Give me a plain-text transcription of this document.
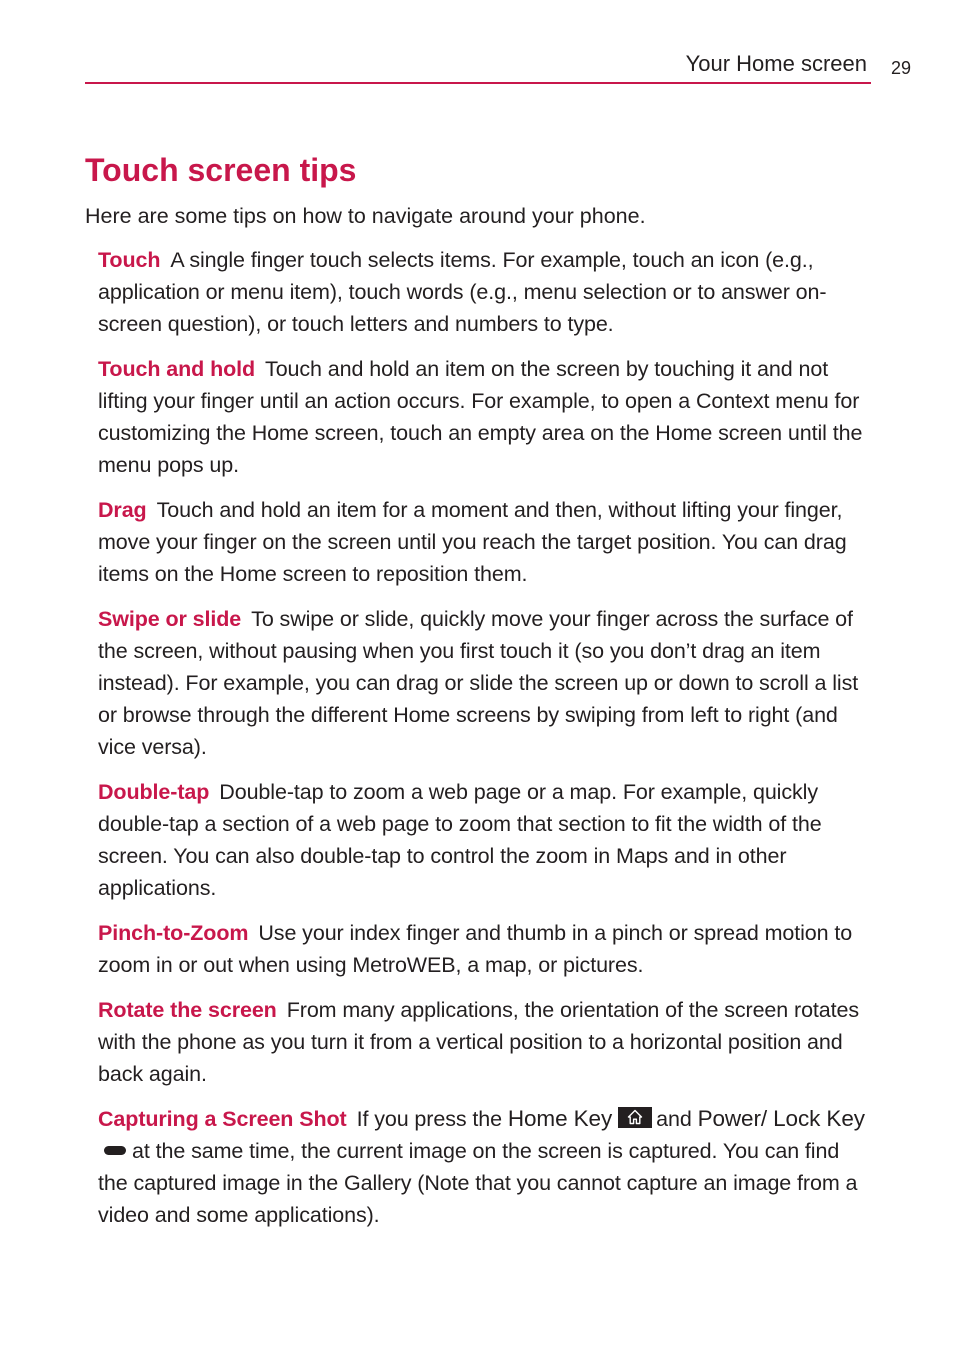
Your Home screen 29
Touch screen tips

Here are some tips on how to navigate around your phone.

Touch A single finger touch selects items. For example, touch an icon (e.g., application or menu item), touch words (e.g., menu selection or to answer on-screen question), or touch letters and numbers to type.

Touch and hold Touch and hold an item on the screen by touching it and not lifting your finger until an action occurs. For example, to open a Context menu for customizing the Home screen, touch an empty area on the Home screen until the menu pops up.

Drag Touch and hold an item for a moment and then, without lifting your finger, move your finger on the screen until you reach the target position. You can drag items on the Home screen to reposition them.

Swipe or slide To swipe or slide, quickly move your finger across the surface of the screen, without pausing when you first touch it (so you don’t drag an item instead). For example, you can drag or slide the screen up or down to scroll a list or browse through the different Home screens by swiping from left to right (and vice versa).

Double-tap Double-tap to zoom a web page or a map. For example, quickly double-tap a section of a web page to zoom that section to fit the width of the screen. You can also double-tap to control the zoom in Maps and in other applications.

Pinch-to-Zoom Use your index finger and thumb in a pinch or spread motion to zoom in or out when using MetroWEB, a map, or pictures.

Rotate the screen From many applications, the orientation of the screen rotates with the phone as you turn it from a vertical position to a horizontal position and back again.

Capturing a Screen Shot If you press the Home Key and Power/ Lock Keyat the same time, the current image on the screen is captured. You can find the captured image in the Gallery (Note that you cannot capture an image from a video and some applications).
